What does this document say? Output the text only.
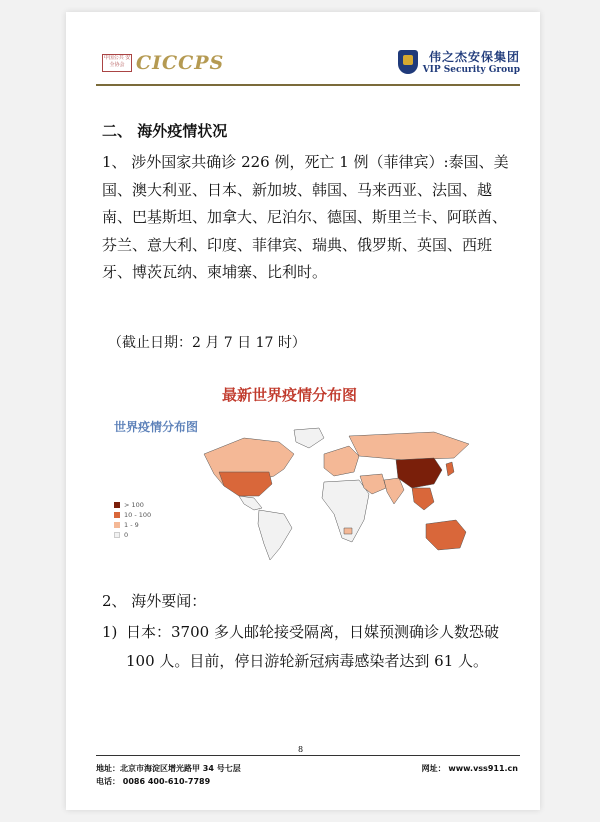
中国公共 安全协会 CICCPS	伟之杰安保集团
VIP Security Group
二、 海外疫情状况
1、 涉外国家共确诊 226 例，死亡 1 例（菲律宾）:泰国、美国、澳大利亚、日本、新加坡、韩国、马来西亚、法国、越南、巴基斯坦、加拿大、尼泊尔、德国、斯里兰卡、阿联酋、芬兰、意大利、印度、菲律宾、瑞典、俄罗斯、英国、西班牙、博茨瓦纳、柬埔寨、比利时。
（截止日期：2 月 7 日 17 时）
最新世界疫情分布图
世界疫情分布图
> 100
10 - 100
1 - 9
0
2、 海外要闻：
1) 日本：3700 多人邮轮接受隔离，日媒预测确诊人数恐破 100 人。目前，停日游轮新冠病毒感染者达到 61 人。
8
地址：北京市海淀区增光路甲 34 号七层
电话： 0086 400-610-7789
网址： www.vss911.cn
